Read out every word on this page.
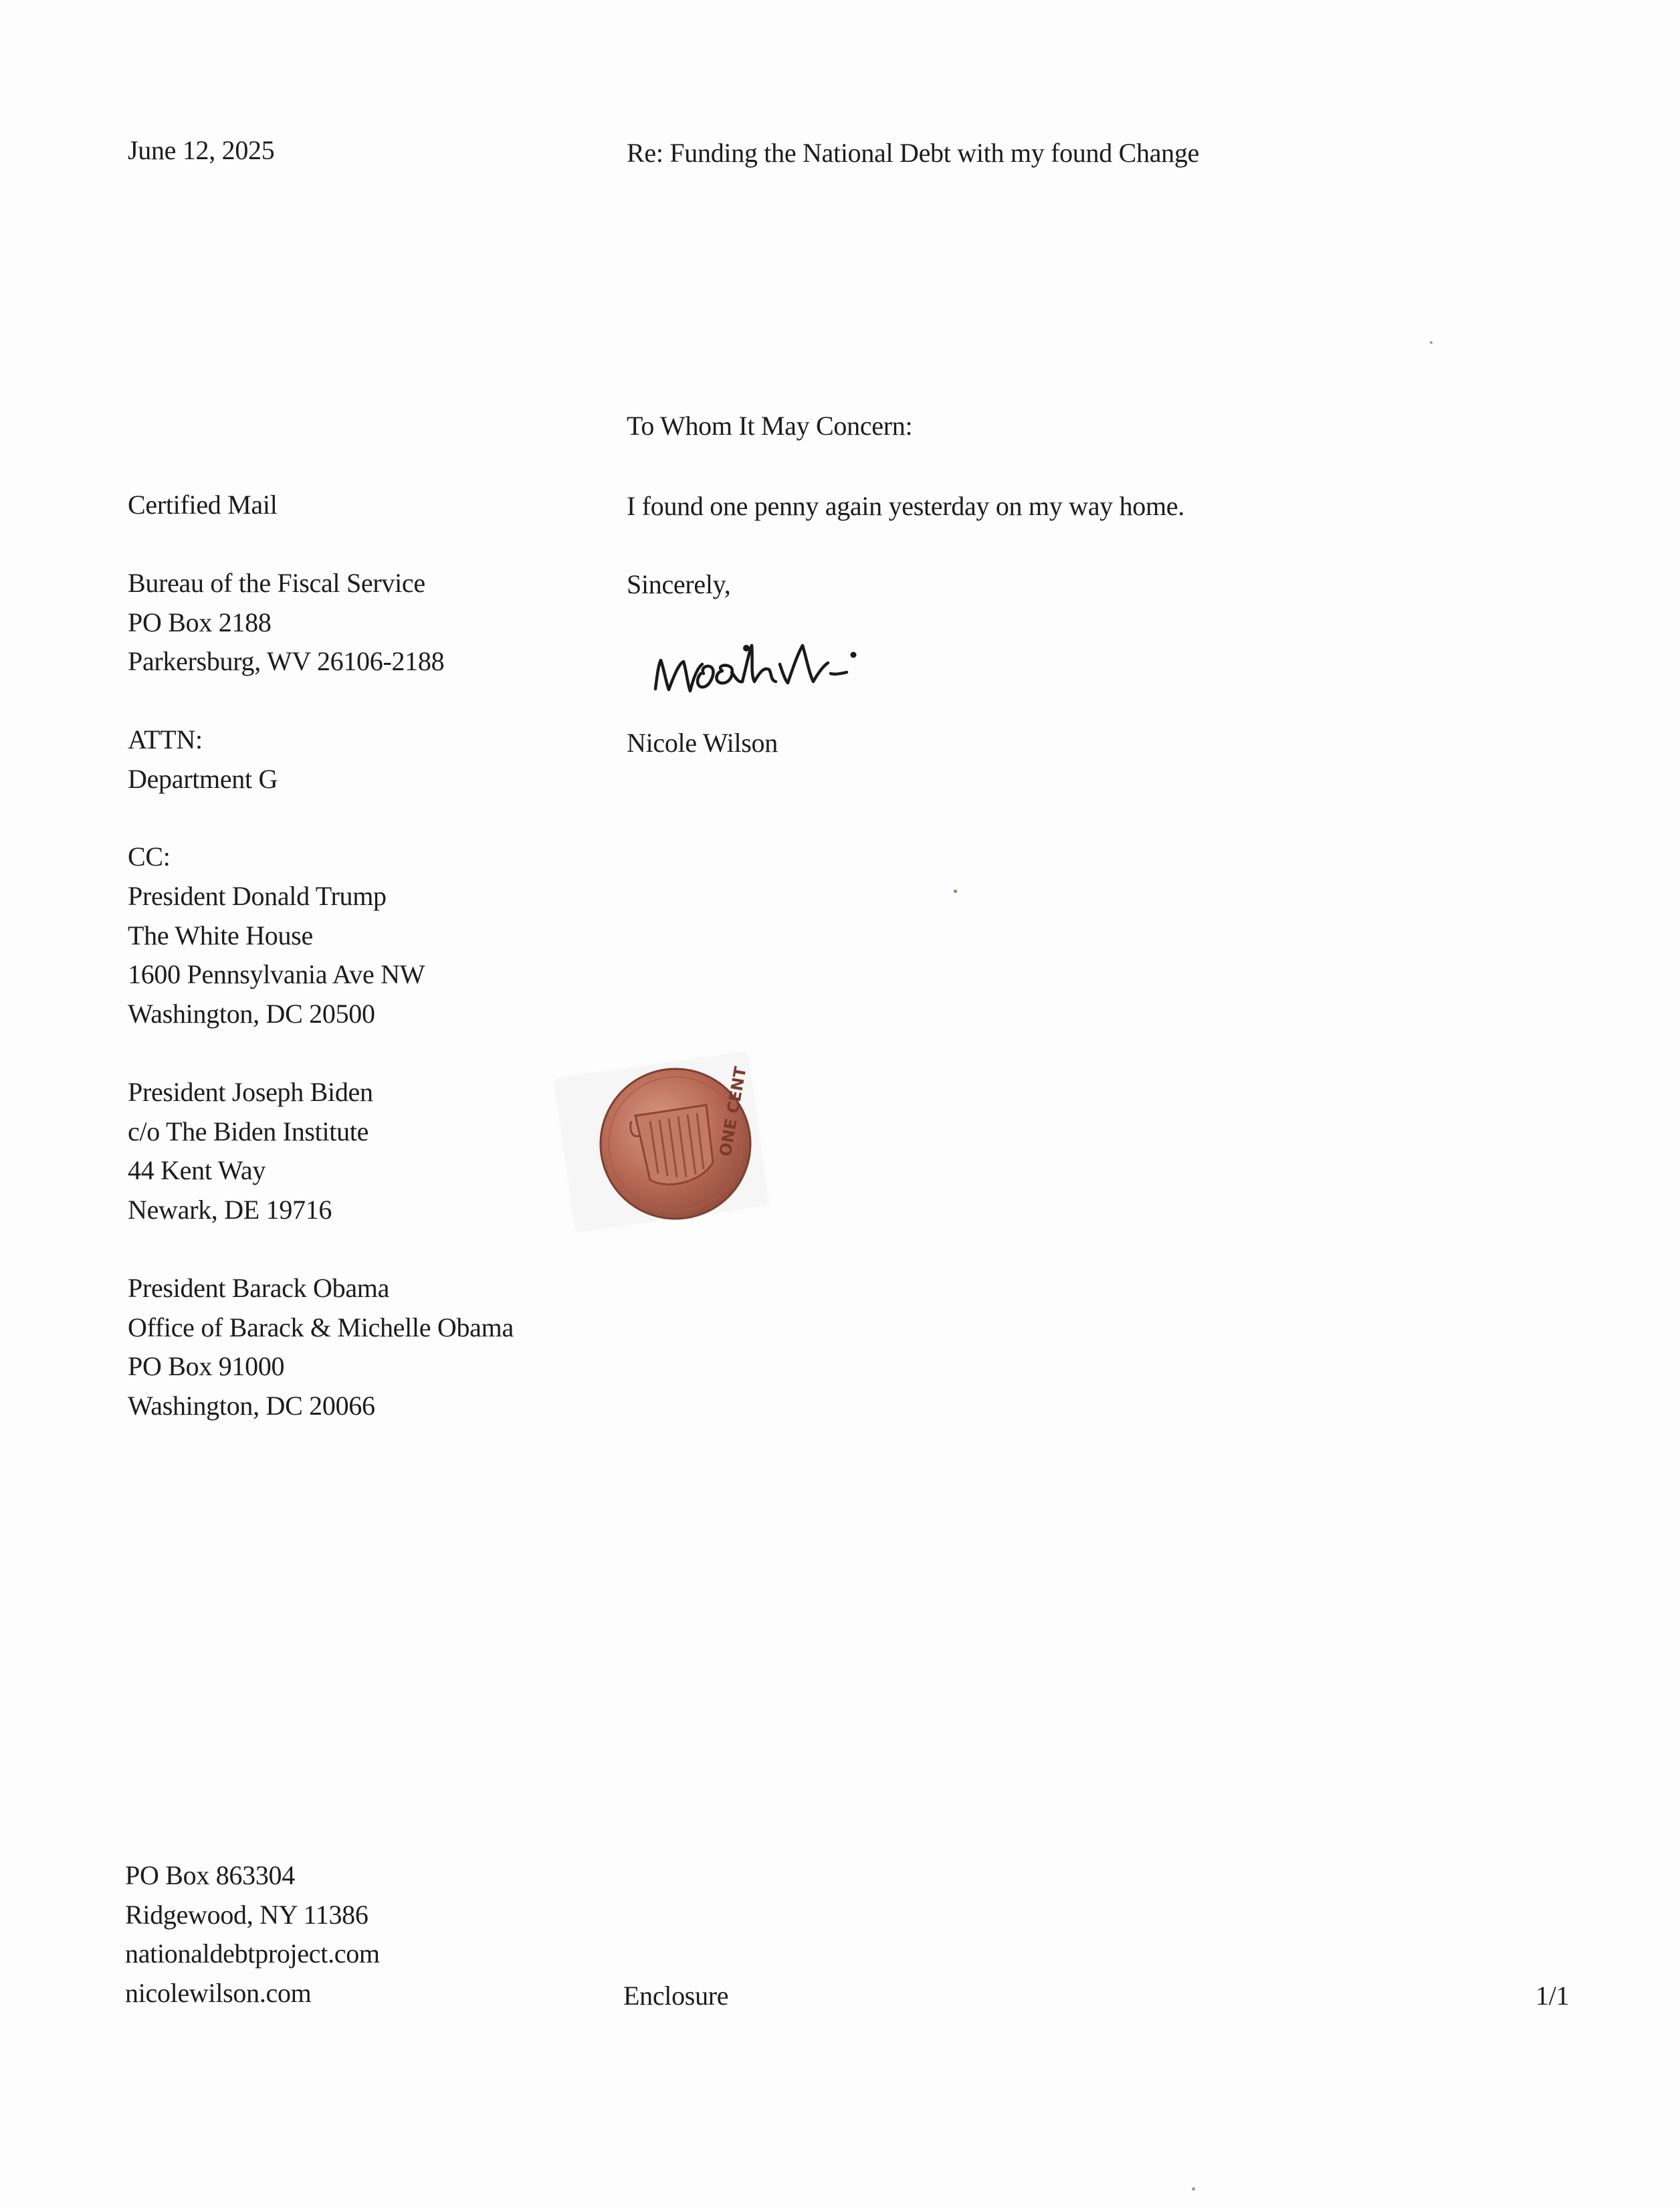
June 12, 2025	Re: Funding the National Debt with my found Change
To Whom It May Concern:
I found one penny again yesterday on my way home.
Sincerely,
Nicole Wilson
Certified Mail
Bureau of the Fiscal Service
PO Box 2188
Parkersburg, WV 26106-2188
ATTN:
Department G
CC:
President Donald Trump
The White House
1600 Pennsylvania Ave NW
Washington, DC 20500
President Joseph Biden
c/o The Biden Institute
44 Kent Way
Newark, DE 19716
President Barack Obama
Office of Barack & Michelle Obama
PO Box 91000
Washington, DC 20066
ONE CENT
PO Box 863304
Ridgewood, NY 11386
nationaldebtproject.com
nicolewilson.com	Enclosure	1/1
